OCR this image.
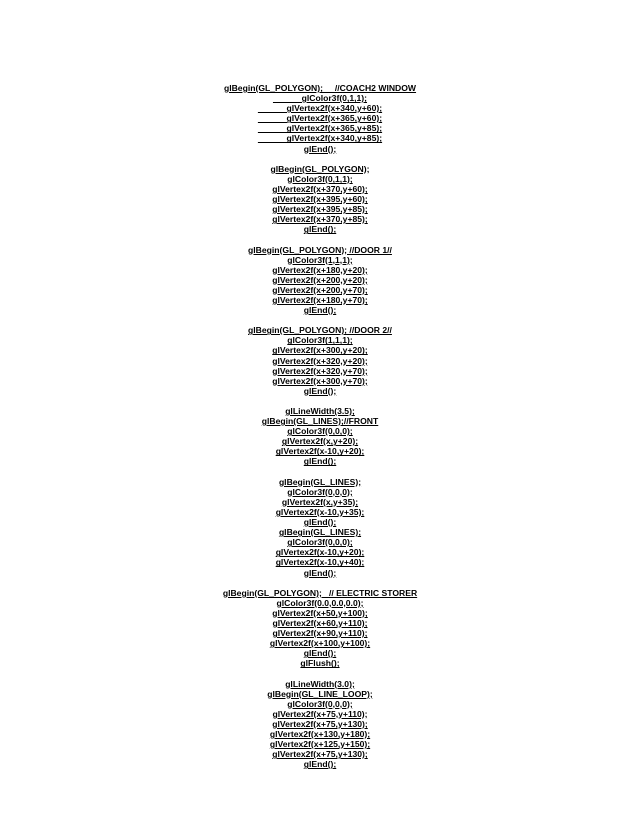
glBegin(GL_POLYGON);     //COACH2 WINDOW
glColor3f(0,1,1);
glVertex2f(x+340,y+60);
glVertex2f(x+365,y+60);
glVertex2f(x+365,y+85);
glVertex2f(x+340,y+85);
glEnd();
glBegin(GL_POLYGON);
glColor3f(0,1,1);
glVertex2f(x+370,y+60);
glVertex2f(x+395,y+60);
glVertex2f(x+395,y+85);
glVertex2f(x+370,y+85);
glEnd();
glBegin(GL_POLYGON); //DOOR 1//
glColor3f(1,1,1);
glVertex2f(x+180,y+20);
glVertex2f(x+200,y+20);
glVertex2f(x+200,y+70);
glVertex2f(x+180,y+70);
glEnd();
glBegin(GL_POLYGON); //DOOR 2//
glColor3f(1,1,1);
glVertex2f(x+300,y+20);
glVertex2f(x+320,y+20);
glVertex2f(x+320,y+70);
glVertex2f(x+300,y+70);
glEnd();
glLineWidth(3.5);
glBegin(GL_LINES);//FRONT
glColor3f(0,0,0);
glVertex2f(x,y+20);
glVertex2f(x-10,y+20);
glEnd();
glBegin(GL_LINES);
glColor3f(0,0,0);
glVertex2f(x,y+35);
glVertex2f(x-10,y+35);
glEnd();
glBegin(GL_LINES);
glColor3f(0,0,0);
glVertex2f(x-10,y+20);
glVertex2f(x-10,y+40);
glEnd();
glBegin(GL_POLYGON);   // ELECTRIC STORER
glColor3f(0.0,0.0,0.0);
glVertex2f(x+50,y+100);
glVertex2f(x+60,y+110);
glVertex2f(x+90,y+110);
glVertex2f(x+100,y+100);
glEnd();
glFlush();
glLineWidth(3.0);
glBegin(GL_LINE_LOOP);
glColor3f(0,0,0);
glVertex2f(x+75,y+110);
glVertex2f(x+75,y+130);
glVertex2f(x+130,y+180);
glVertex2f(x+125,y+150);
glVertex2f(x+75,y+130);
glEnd();
